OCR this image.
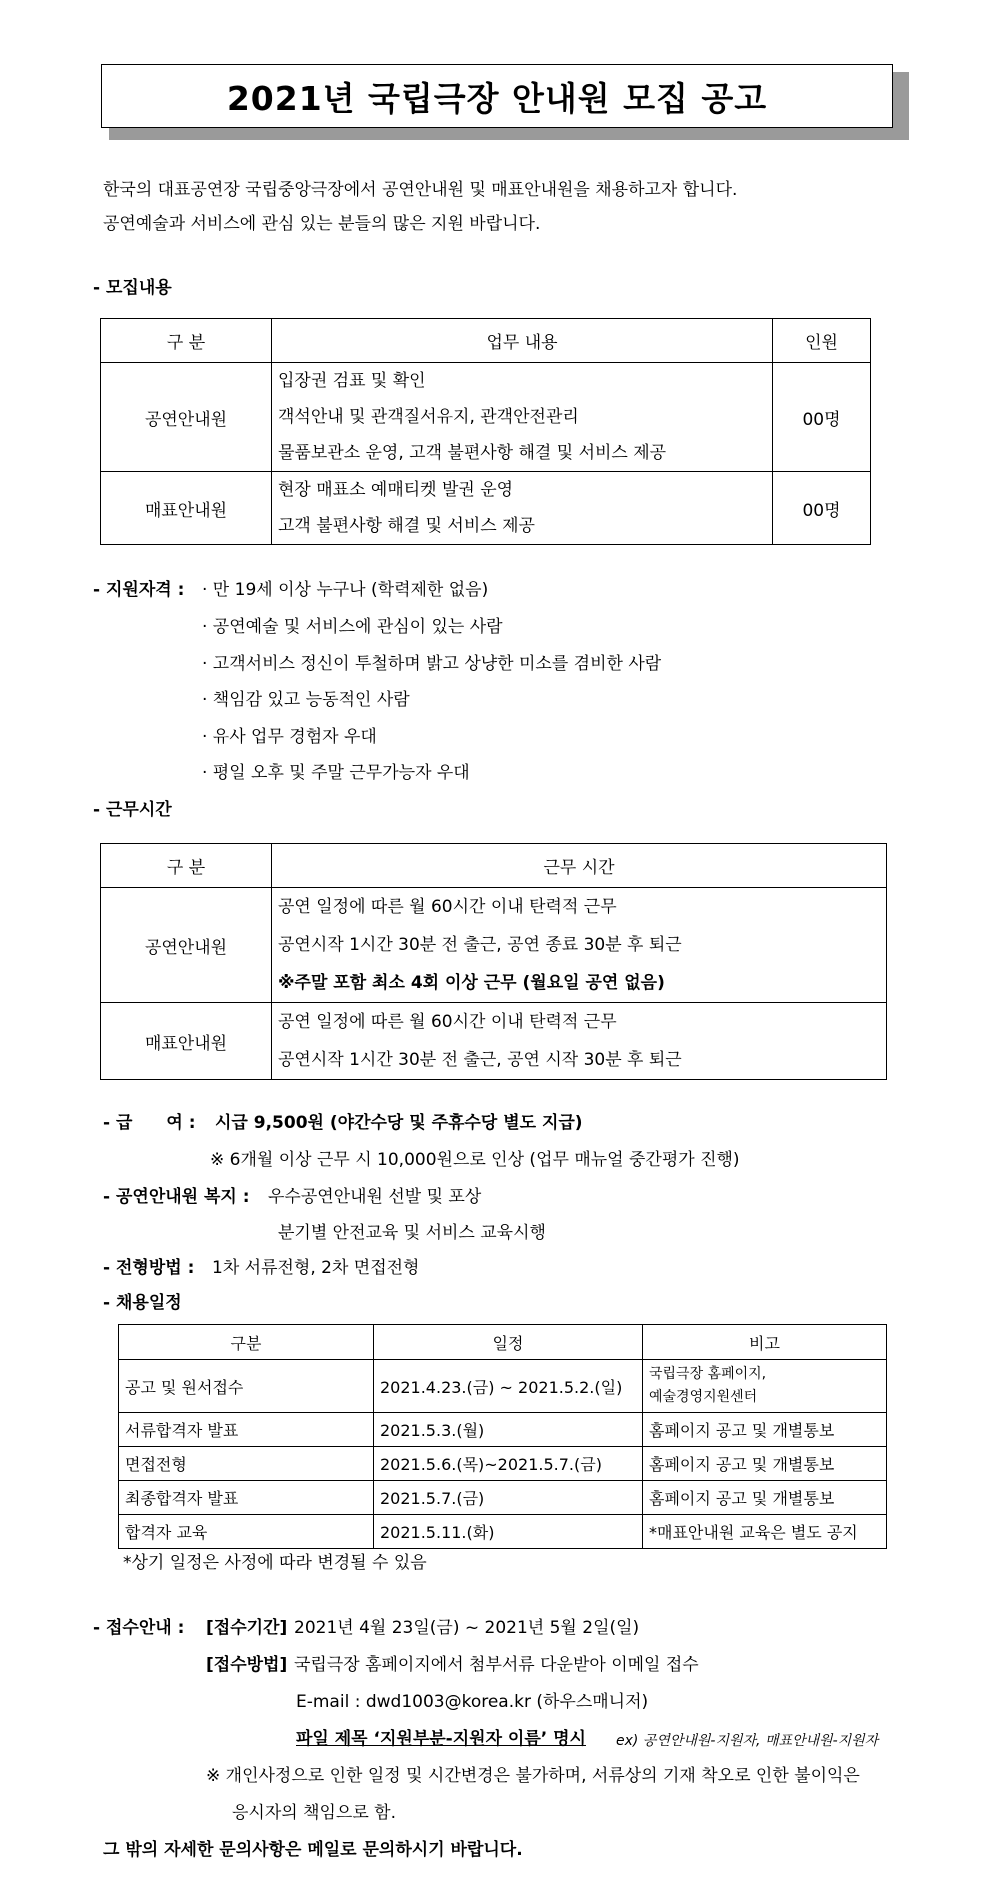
2021년 국립극장 안내원 모집 공고
한국의 대표공연장 국립중앙극장에서 공연안내원 및 매표안내원을 채용하고자 합니다.
공연예술과 서비스에 관심 있는 분들의 많은 지원 바랍니다.
- 모집내용
구 분	업무 내용	인원
공연안내원	입장권 검표 및 확인
객석안내 및 관객질서유지, 관객안전관리
물품보관소 운영, 고객 불편사항 해결 및 서비스 제공	00명
매표안내원	현장 매표소 예매티켓 발권 운영
고객 불편사항 해결 및 서비스 제공	00명
- 지원자격 : · 만 19세 이상 누구나 (학력제한 없음)
· 공연예술 및 서비스에 관심이 있는 사람
· 고객서비스 정신이 투철하며 밝고 상냥한 미소를 겸비한 사람
· 책임감 있고 능동적인 사람
· 유사 업무 경험자 우대
· 평일 오후 및 주말 근무가능자 우대
- 근무시간
구 분	근무 시간
공연안내원	공연 일정에 따른 월 60시간 이내 탄력적 근무
공연시작 1시간 30분 전 출근, 공연 종료 30분 후 퇴근
※주말 포함 최소 4회 이상 근무 (월요일 공연 없음)

매표안내원	공연 일정에 따른 월 60시간 이내 탄력적 근무
공연시작 1시간 30분 전 출근, 공연 시작 30분 후 퇴근
- 급　　여 : 시급 9,500원 (야간수당 및 주휴수당 별도 지급)
※ 6개월 이상 근무 시 10,000원으로 인상 (업무 매뉴얼 중간평가 진행)
- 공연안내원 복지 : 우수공연안내원 선발 및 포상
분기별 안전교육 및 서비스 교육시행
- 전형방법 : 1차 서류전형, 2차 면접전형
- 채용일정
구분	일정	비고
공고 및 원서접수	2021.4.23.(금) ~ 2021.5.2.(일)	국립극장 홈페이지,
예술경영지원센터

서류합격자 발표	2021.5.3.(월)	홈페이지 공고 및 개별통보
면접전형	2021.5.6.(목)~2021.5.7.(금)	홈페이지 공고 및 개별통보
최종합격자 발표	2021.5.7.(금)	홈페이지 공고 및 개별통보
합격자 교육	2021.5.11.(화)	*매표안내원 교육은 별도 공지
*상기 일정은 사정에 따라 변경될 수 있음
- 접수안내 : [접수기간] 2021년 4월 23일(금) ~ 2021년 5월 2일(일)
[접수방법] 국립극장 홈페이지에서 첨부서류 다운받아 이메일 접수
E-mail : dwd1003@korea.kr (하우스매니저)
파일 제목 ‘지원부분-지원자 이름’ 명시 ex) 공연안내원-지원자, 매표안내원-지원자
※ 개인사정으로 인한 일정 및 시간변경은 불가하며, 서류상의 기재 착오로 인한 불이익은
응시자의 책임으로 함.
그 밖의 자세한 문의사항은 메일로 문의하시기 바랍니다.
